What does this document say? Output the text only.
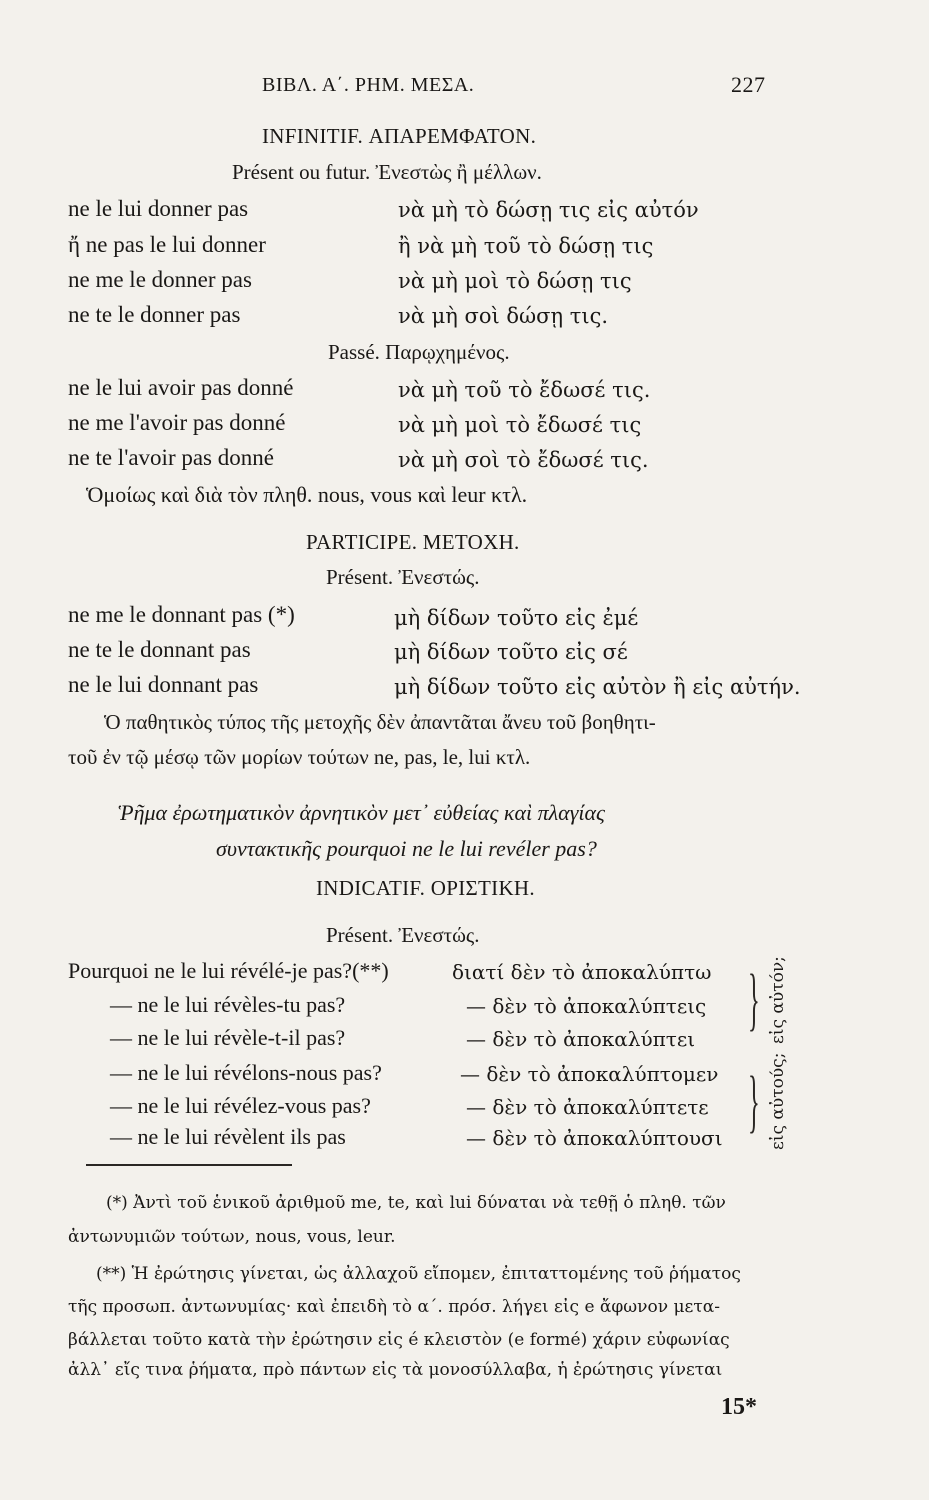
ΒΙΒΛ. Α΄. ΡΗΜ. ΜΕΣΑ.	227
INFINITIF. ΑΠΑΡΕΜΦΑΤΟΝ.
Présent ou futur. Ἐνεστὼς ἢ μέλλων.
ne le lui donner pas	νὰ μὴ τὸ δώσῃ τις εἰς αὐτόν
ἤ ne pas le lui donner	ἢ νὰ μὴ τοῦ τὸ δώσῃ τις
ne me le donner pas	νὰ μὴ μοὶ τὸ δώσῃ τις
ne te le donner pas	νὰ μὴ σοὶ δώσῃ τις.
Passé. Παρῳχημένος.
ne le lui avoir pas donné	νὰ μὴ τοῦ τὸ ἔδωσέ τις.
ne me l'avoir pas donné	νὰ μὴ μοὶ τὸ ἔδωσέ τις
ne te l'avoir pas donné	νὰ μὴ σοὶ τὸ ἔδωσέ τις.
Ὁμοίως καὶ διὰ τὸν πληθ. nous, vous καὶ leur κτλ.
PARTICIPE. ΜΕΤΟΧΗ.
Présent. Ἐνεστώς.
ne me le donnant pas (*)	μὴ δίδων τοῦτο εἰς ἐμέ
ne te le donnant pas	μὴ δίδων τοῦτο εἰς σέ
ne le lui donnant pas	μὴ δίδων τοῦτο εἰς αὐτὸν ἢ εἰς αὐτήν.
Ὁ παθητικὸς τύπος τῆς μετοχῆς δὲν ἀπαντᾶται ἄνευ τοῦ βοηθητι-
τοῦ ἐν τῷ μέσῳ τῶν μορίων τούτων ne, pas, le, lui κτλ.
Ῥῆμα ἐρωτηματικὸν ἀρνητικὸν μετ᾽ εὐθείας καὶ πλαγίας
συντακτικῆς pourquoi ne le lui revéler pas?
INDICATIF. ΟΡΙΣΤΙΚΗ.
Présent. Ἐνεστώς.
Pourquoi ne le lui révélé-je pas?(**)	διατί δὲν τὸ ἀποκαλύπτω
— ne le lui révèles-tu pas?	— δὲν τὸ ἀποκαλύπτεις
— ne le lui révèle-t-il pas?	— δὲν τὸ ἀποκαλύπτει
— ne le lui révélons-nous pas?	— δὲν τὸ ἀποκαλύπτομεν
— ne le lui révélez-vous pas?	— δὲν τὸ ἀποκαλύπτετε
— ne le lui révèlent ils pas	— δὲν τὸ ἀποκαλύπτουσι
}
}
εἰς αὐτόν;
εἰς αὐτούς;
(*) Ἀντὶ τοῦ ἑνικοῦ ἀριθμοῦ me, te, καὶ lui δύναται νὰ τεθῇ ὁ πληθ. τῶν
ἀντωνυμιῶν τούτων, nous, vous, leur.
(**) Ἡ ἐρώτησις γίνεται, ὡς ἀλλαχοῦ εἴπομεν, ἐπιταττομένης τοῦ ῥήματος
τῆς προσωπ. ἀντωνυμίας· καὶ ἐπειδὴ τὸ α΄. πρόσ. λήγει εἰς e ἄφωνον μετα-
βάλλεται τοῦτο κατὰ τὴν ἐρώτησιν εἰς é κλειστὸν (e formé) χάριν εὐφωνίας
ἀλλ᾽ εἴς τινα ῥήματα, πρὸ πάντων εἰς τὰ μονοσύλλαβα, ἡ ἐρώτησις γίνεται
15*
